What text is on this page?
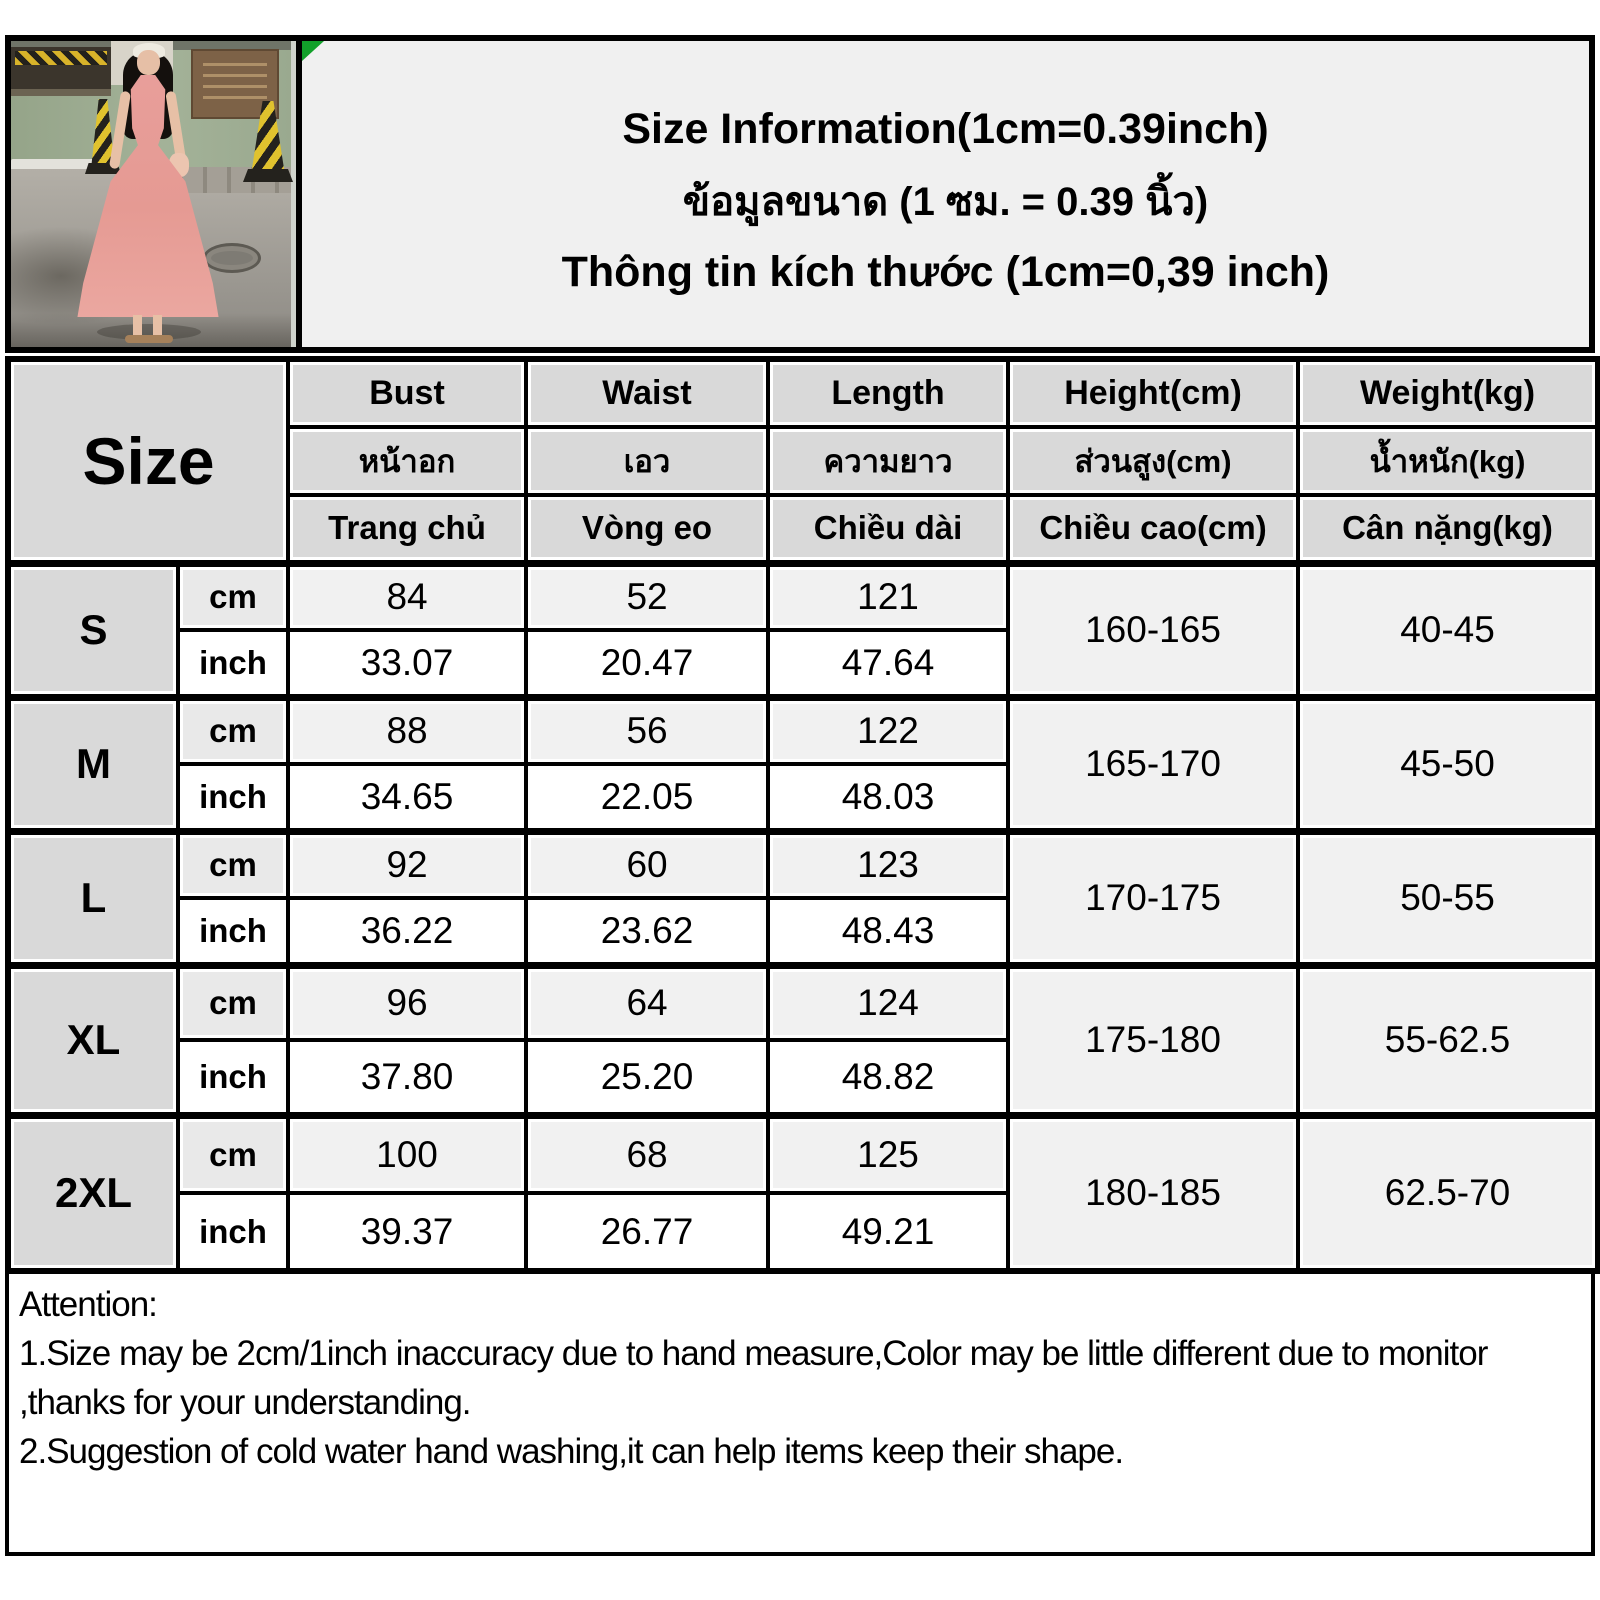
Size Information(1cm=0.39inch)
ข้อมูลขนาด (1 ซม. = 0.39 นิ้ว)
Thông tin kích thước (1cm=0,39 inch)
Size		Bust	Waist	Length	Height(cm)	Weight(kg)
		หน้าอก	เอว	ความยาว	ส่วนสูง(cm)	น้ำหนัก(kg)
		Trang chủ	Vòng eo	Chiều dài	Chiều cao(cm)	Cân nặng(kg)
S	cm	84	52	121	160-165	40-45
	inch	33.07	20.47	47.64		
M	cm	88	56	122	165-170	45-50
	inch	34.65	22.05	48.03		
L	cm	92	60	123	170-175	50-55
	inch	36.22	23.62	48.43		
XL	cm	96	64	124	175-180	55-62.5
	inch	37.80	25.20	48.82		
2XL	cm	100	68	125	180-185	62.5-70
	inch	39.37	26.77	49.21		
Attention:
1.Size may be 2cm/1inch inaccuracy due to hand measure,Color may be little different due to monitor ,thanks for your understanding.
2.Suggestion of cold water hand washing,it can help items keep their shape.
